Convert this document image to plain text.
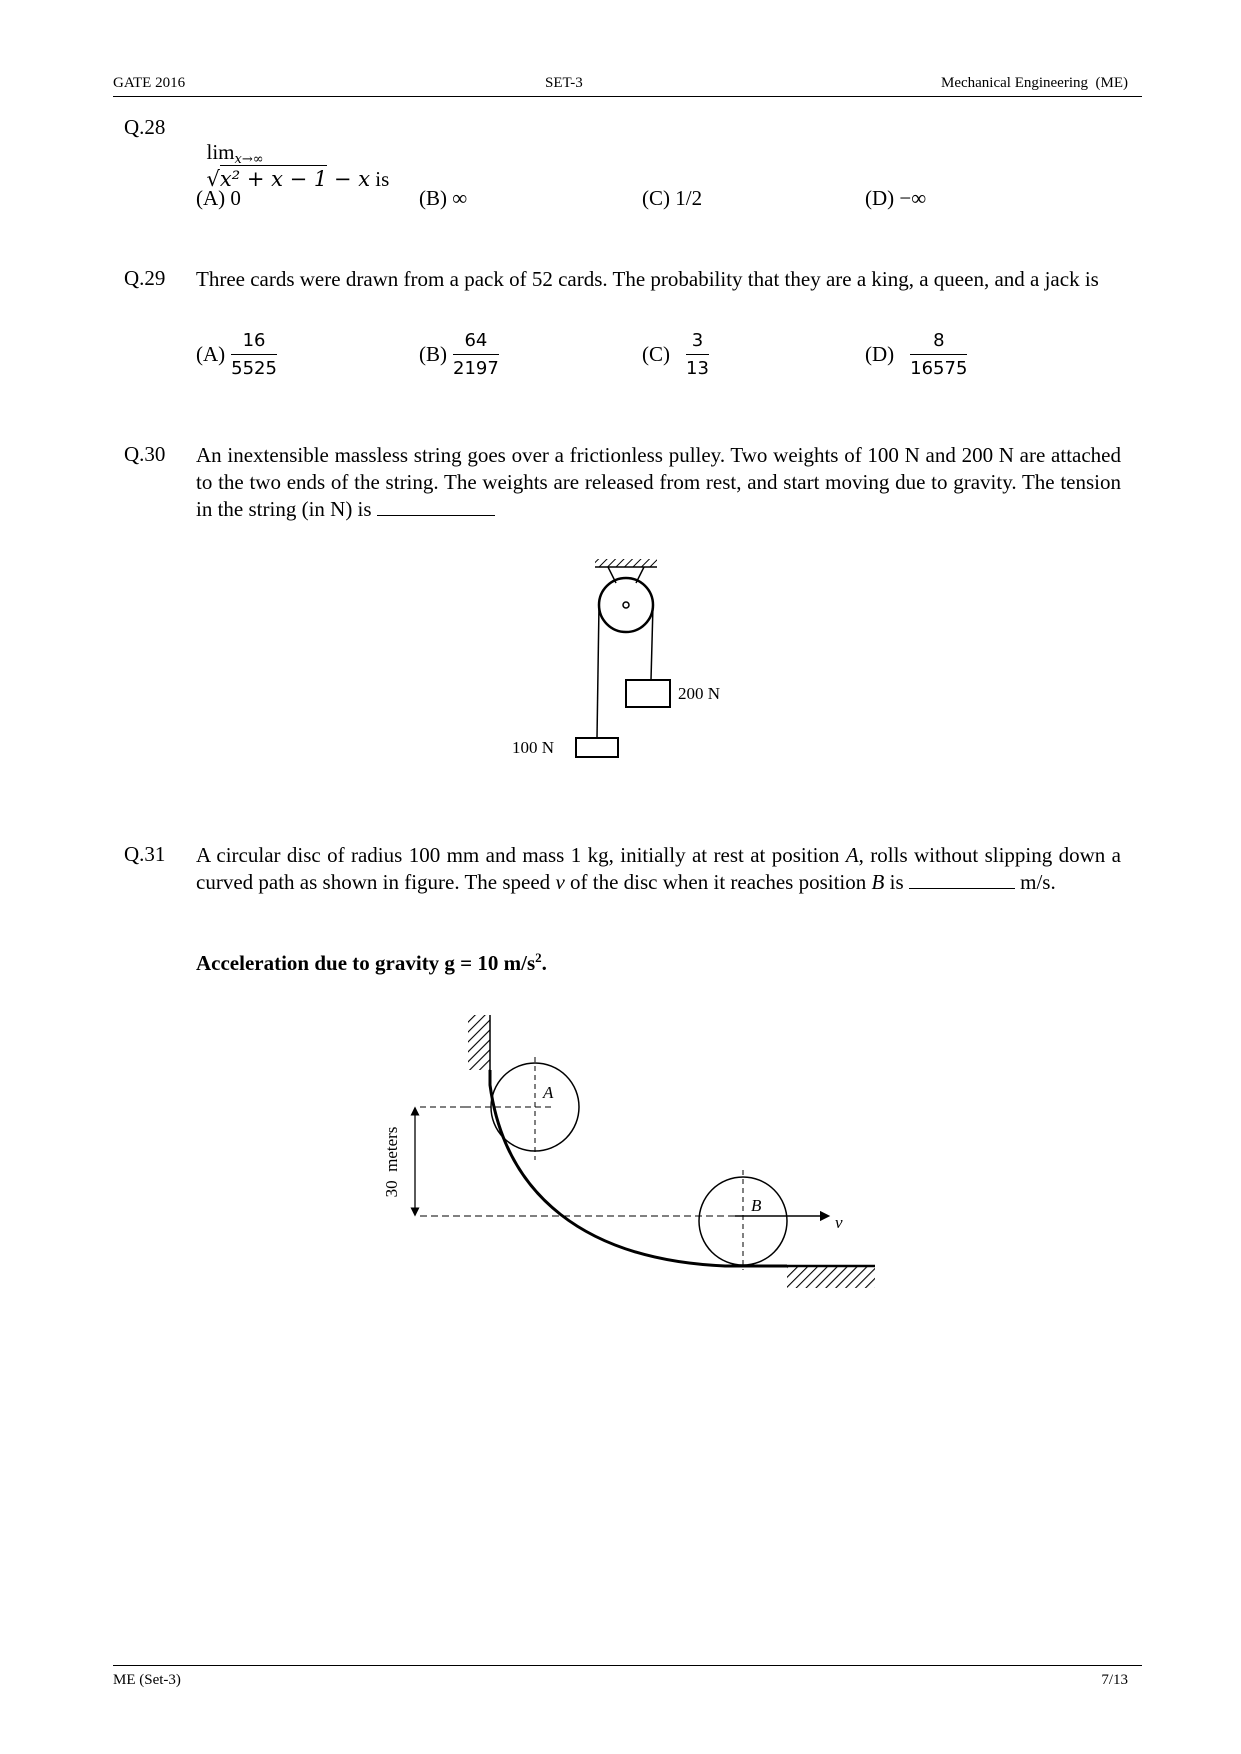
GATE 2016	SET-3	Mechanical Engineering  (ME)
Q.28

$\lim_{x\to\infty}$
√x² + x − 1 − x is

(A) 0	(B) ∞	(C) 1/2	(D) −∞
Q.29 Three cards were drawn from a pack of 52 cards. The probability that they are a king, a queen, and a jack is
$(A) \frac{16}{5525}$	$(B) \frac{64}{2197}$	$(C) \frac{3}{13}$	$(D) \frac{8}{16575}$
Q.30 An inextensible massless string goes over a frictionless pulley. Two weights of 100 N and 200 N are attached to the two ends of the string. The weights are released from rest, and start moving due to gravity. The tension in the string (in N) is
200 N
100 N
Q.31 A circular disc of radius 100 mm and mass 1 kg, initially at rest at position A, rolls without slipping down a curved path as shown in figure. The speed v of the disc when it reaches position B is	m/s.
Acceleration due to gravity g = 10 $m/s^2$.
A
B
v
30  meters
ME (Set-3)	7/13
